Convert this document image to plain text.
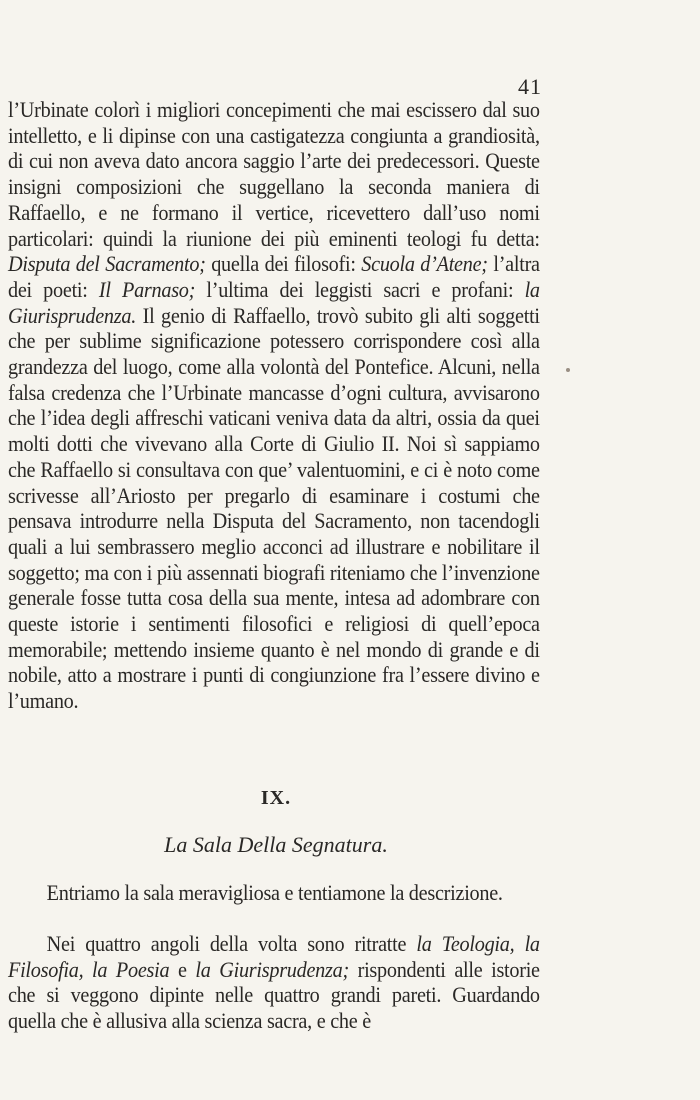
41

l’Urbinate colorì i migliori concepimenti che mai escissero dal suo intelletto, e li dipinse con una castigatezza congiunta a grandiosità, di cui non aveva dato ancora saggio l’arte dei predecessori. Queste insigni composizioni che suggellano la seconda maniera di Raffaello, e ne formano il vertice, ricevettero dall’uso nomi particolari: quindi la riunione dei più eminenti teologi fu detta: Disputa del Sacramento; quella dei filosofi: Scuola d’Atene; l’altra dei poeti: Il Parnaso; l’ultima dei leggisti sacri e profani: la Giurisprudenza. Il genio di Raffaello, trovò subito gli alti soggetti che per sublime significazione potessero corrispondere così alla grandezza del luogo, come alla volontà del Pontefice. Alcuni, nella falsa credenza che l’Urbinate mancasse d’ogni cultura, avvisarono che l’idea degli affreschi vaticani veniva data da altri, ossia da quei molti dotti che vivevano alla Corte di Giulio II. Noi sì sappiamo che Raffaello si consultava con que’ valentuomini, e ci è noto come scrivesse all’Ariosto per pregarlo di esaminare i costumi che pensava introdurre nella Disputa del Sacramento, non tacendogli quali a lui sembrassero meglio acconci ad illustrare e nobilitare il soggetto; ma con i più assennati biografi riteniamo che l’invenzione generale fosse tutta cosa della sua mente, intesa ad adombrare con queste istorie i sentimenti filosofici e religiosi di quell’epoca memorabile; mettendo insieme quanto è nel mondo di grande e di nobile, atto a mostrare i punti di congiunzione fra l’essere divino e l’umano.

IX.
La Sala Della Segnatura.

Entriamo la sala meravigliosa e tentiamone la descrizione.

Nei quattro angoli della volta sono ritratte la Teologia, la Filosofia, la Poesia e la Giurisprudenza; rispondenti alle istorie che si veggono dipinte nelle quattro grandi pareti. Guardando quella che è allusiva alla scienza sacra, e che è
